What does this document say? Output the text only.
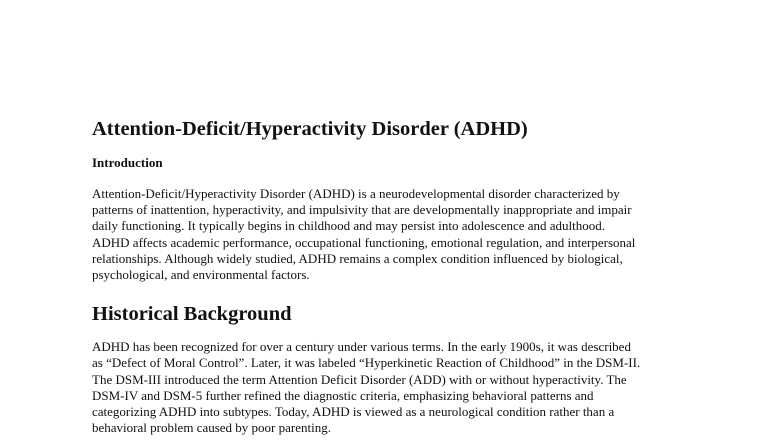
Attention-Deficit/Hyperactivity Disorder (ADHD)
Introduction

Attention-Deficit/Hyperactivity Disorder (ADHD) is a neurodevelopmental disorder characterized by
patterns of inattention, hyperactivity, and impulsivity that are developmentally inappropriate and impair
daily functioning. It typically begins in childhood and may persist into adolescence and adulthood.
ADHD affects academic performance, occupational functioning, emotional regulation, and interpersonal
relationships. Although widely studied, ADHD remains a complex condition influenced by biological,
psychological, and environmental factors.

Historical Background

ADHD has been recognized for over a century under various terms. In the early 1900s, it was described
as “Defect of Moral Control”. Later, it was labeled “Hyperkinetic Reaction of Childhood” in the DSM-II.
The DSM-III introduced the term Attention Deficit Disorder (ADD) with or without hyperactivity. The
DSM-IV and DSM-5 further refined the diagnostic criteria, emphasizing behavioral patterns and
categorizing ADHD into subtypes. Today, ADHD is viewed as a neurological condition rather than a
behavioral problem caused by poor parenting.
